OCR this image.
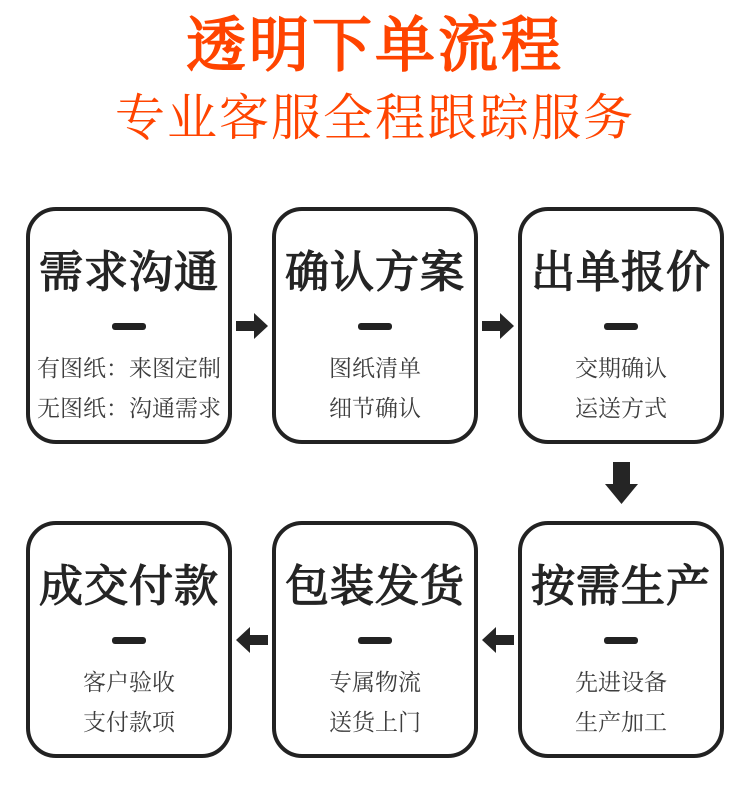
透明下单流程
专业客服全程跟踪服务
需求沟通
有图纸：来图定制
无图纸：沟通需求
确认方案
图纸清单
细节确认
出单报价
交期确认
运送方式
成交付款
客户验收
支付款项
包装发货
专属物流
送货上门
按需生产
先进设备
生产加工
